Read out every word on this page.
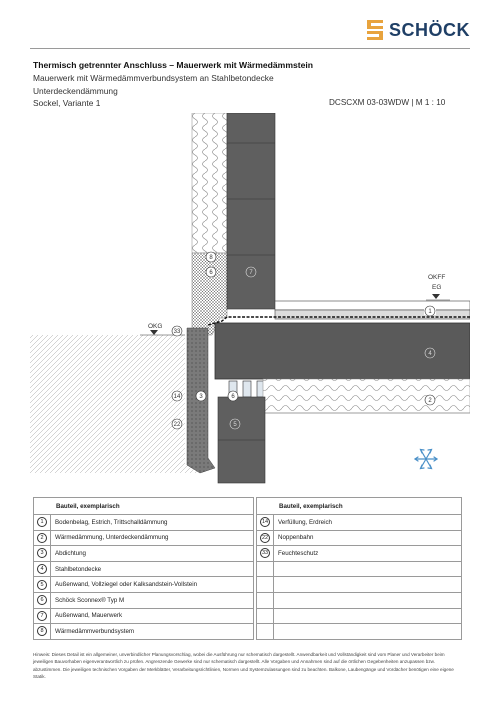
SCHÖCK
Thermisch getrennter Anschluss – Mauerwerk mit Wärmedämmstein
Mauerwerk mit Wärmedämmverbundsystem an Stahlbetondecke
Unterdeckendämmung
Sockel, Variante 1	DCSCXM 03-03WDW | M 1 : 10
OKFF
EG
OKG
1
4
2
8
6	7
33
14	3	6
22	5
Bauteil, exemplarisch	
1	Bodenbelag, Estrich, Trittschalldämmung
2	Wärmedämmung, Unterdeckendämmung
3	Abdichtung
4	Stahlbetondecke
5	Außenwand, Vollziegel oder Kalksandstein-Vollstein
6	Schöck Sconnex® Typ M
7	Außenwand, Mauerwerk
8	Wärmedämmverbundsystem
Bauteil, exemplarisch	
14	Verfüllung, Erdreich
22	Noppenbahn
33	Feuchteschutz

Hinweis: Dieses Detail ist ein allgemeiner, unverbindlicher Planungsvorschlag, wobei die Ausführung nur schematisch dargestellt. Anwendbarkeit und Vollständigkeit sind vom Planer und Verarbeiter beim jeweiligen Bauvorhaben eigenverantwortlich zu prüfen. Angrenzende Gewerke sind nur schematisch dargestellt. Alle Vorgaben und Annahmen sind auf die örtlichen Gegebenheiten anzupassen bzw. abzustimmen. Die jeweiligen technischen Vorgaben der Merkblätter, Verarbeitungsrichtlinien, Normen und Systemzulassungen sind zu beachten. Balkone, Laubengänge und Vordächer benötigen eine eigene Statik.
